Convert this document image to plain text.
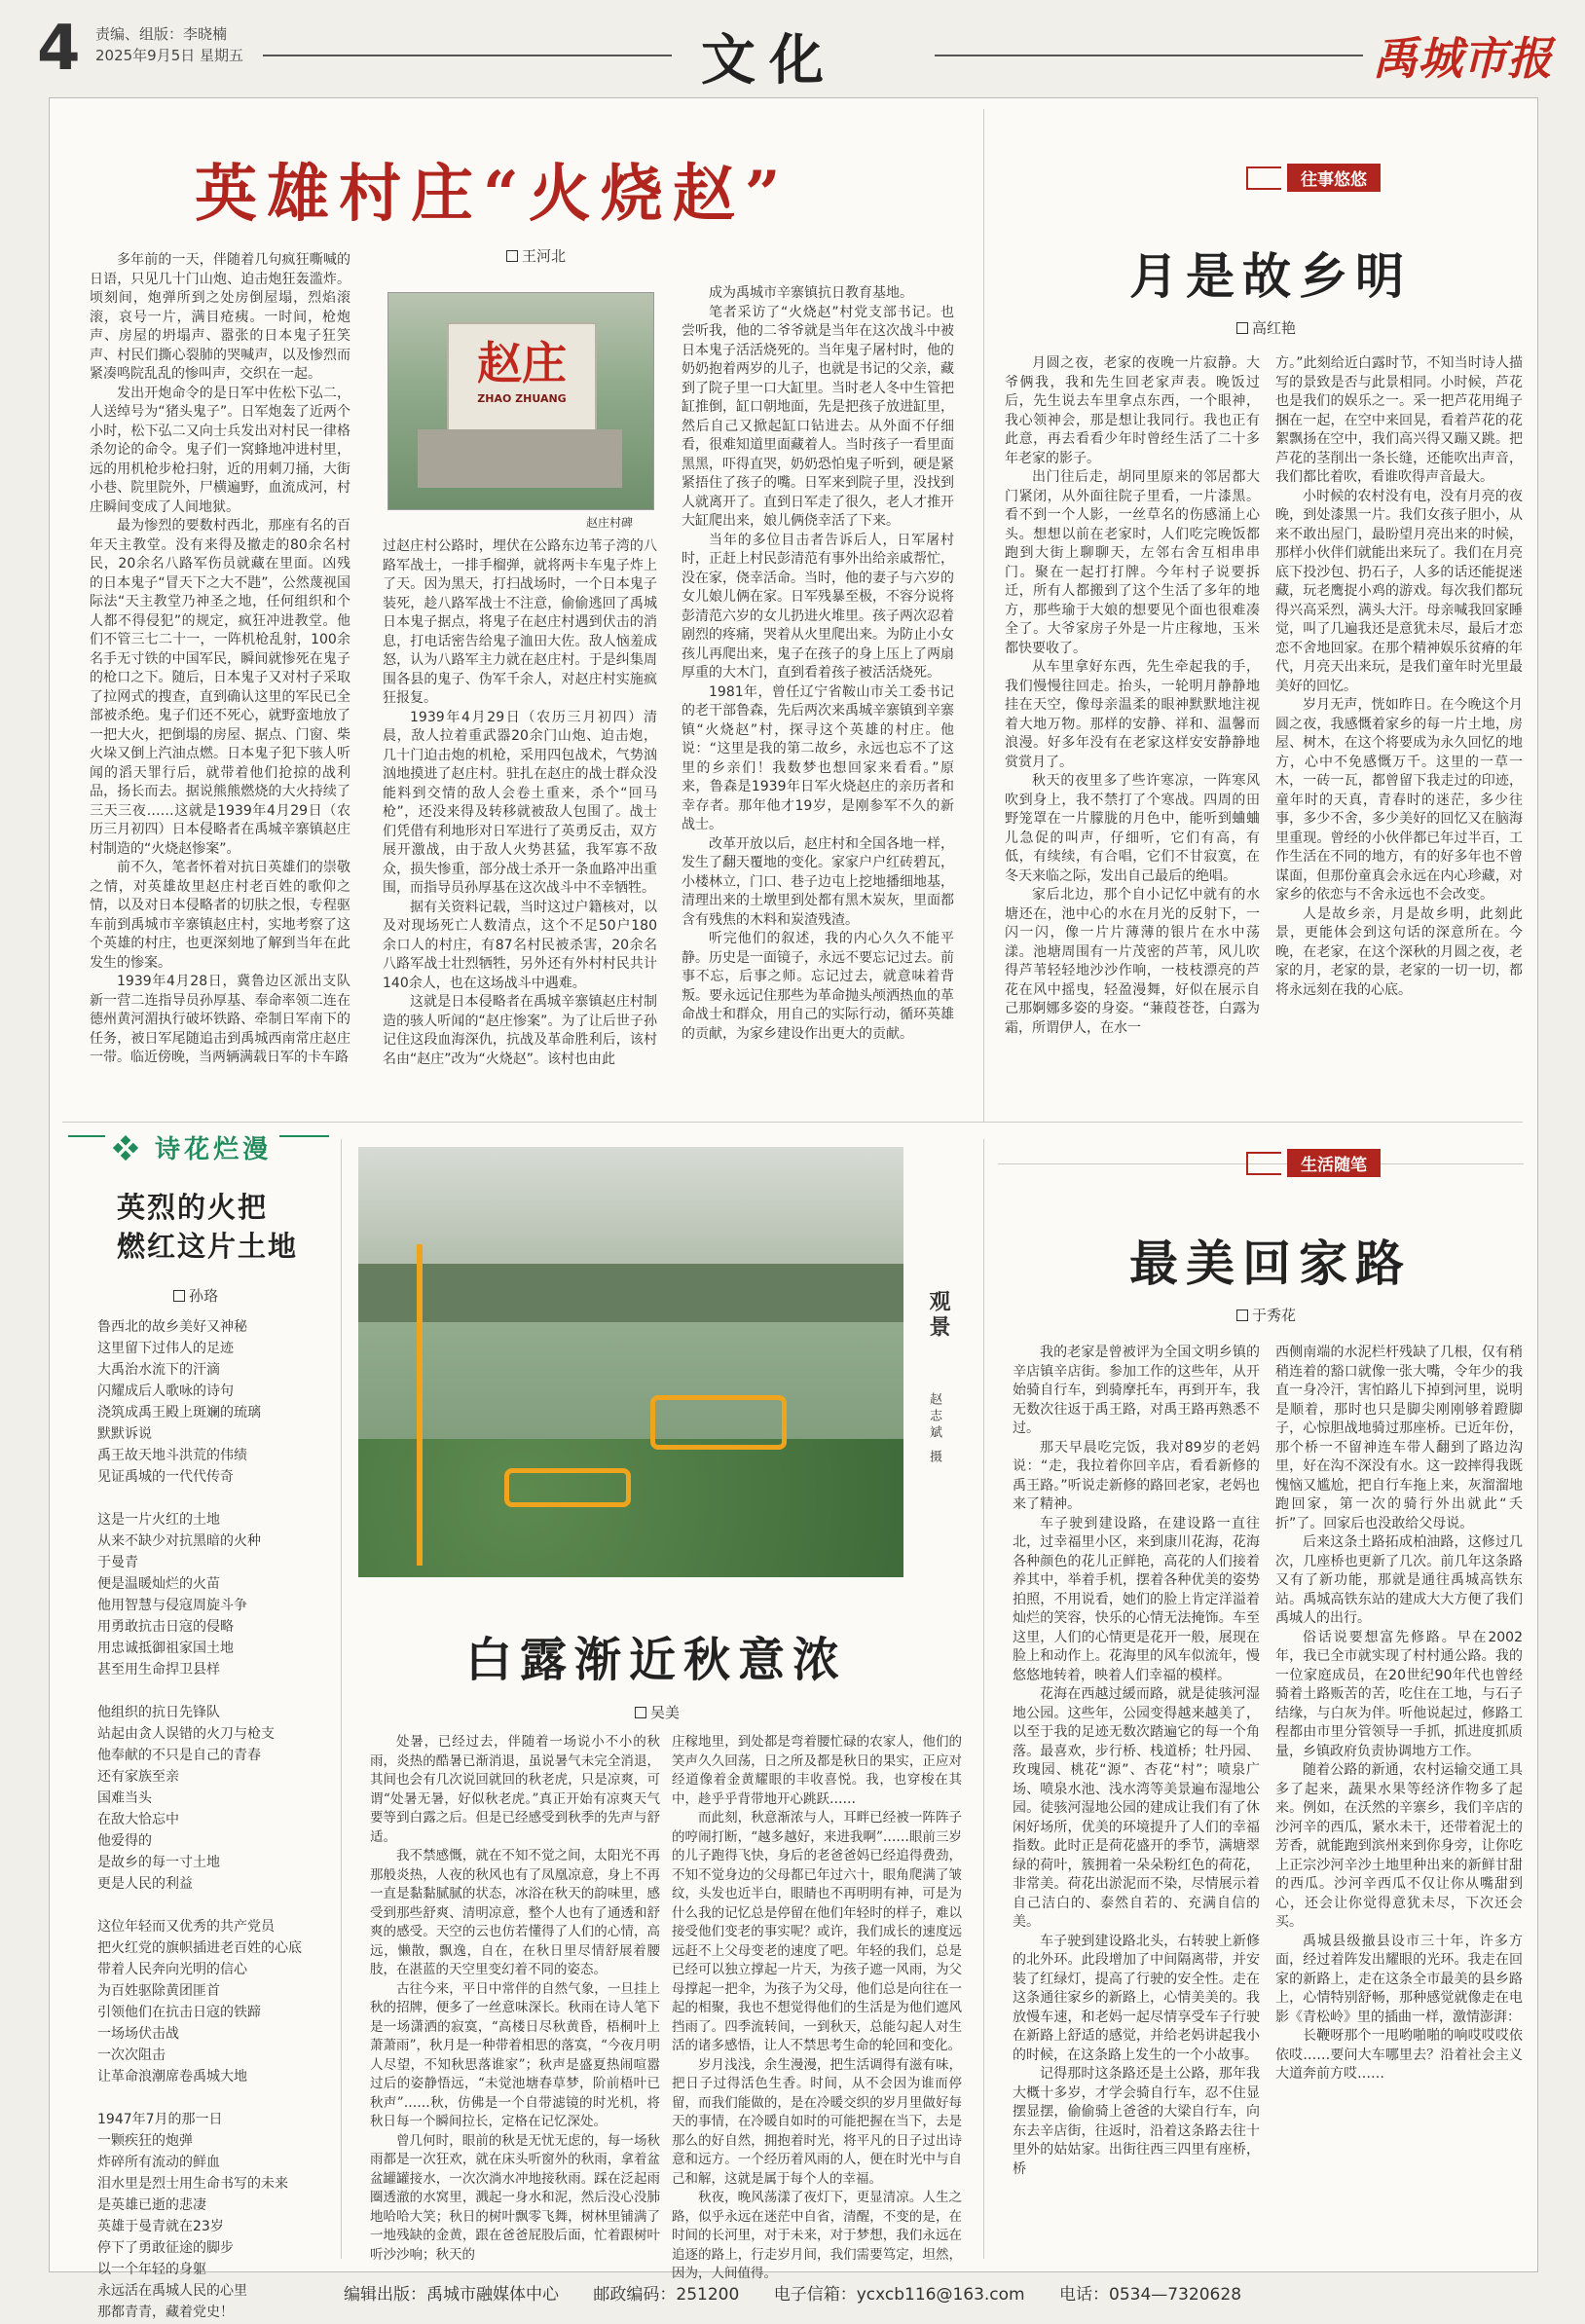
4 责编、组版：李晓楠
2025年9月5日 星期五	文化	禹城市报
英雄村庄“火烧赵”
王河北

多年前的一天，伴随着几句疯狂嘶喊的日语，只见几十门山炮、迫击炮狂轰滥炸。顷刻间，炮弹所到之处房倒屋塌，烈焰滚滚，哀号一片，满目疮痍。一时间，枪炮声、房屋的坍塌声、嚣张的日本鬼子狂笑声、村民们撕心裂肺的哭喊声，以及惨烈而紧凑鸣院乱乱的惨叫声，交织在一起。

发出开炮命令的是日军中佐松下弘二，人送绰号为“猪头鬼子”。日军炮轰了近两个小时，松下弘二又向士兵发出对村民一律格杀勿论的命令。鬼子们一窝蜂地冲进村里，远的用机枪步枪扫射，近的用刺刀捅，大街小巷、院里院外，尸横遍野，血流成河，村庄瞬间变成了人间地狱。

最为惨烈的要数村西北，那座有名的百年天主教堂。没有来得及撤走的80余名村民，20余名八路军伤员就藏在里面。凶残的日本鬼子“冒天下之大不韪”，公然蔑视国际法“天主教堂乃神圣之地，任何组织和个人都不得侵犯”的规定，疯狂冲进教堂。他们不管三七二十一，一阵机枪乱射，100余名手无寸铁的中国军民，瞬间就惨死在鬼子的枪口之下。随后，日本鬼子又对村子采取了拉网式的搜查，直到确认这里的军民已全部被杀绝。鬼子们还不死心，就野蛮地放了一把大火，把倒塌的房屋、据点、门窗、柴火垛又倒上汽油点燃。日本鬼子犯下骇人听闻的滔天罪行后，就带着他们抢掠的战利品，扬长而去。据说熊熊燃烧的大火持续了三天三夜……这就是1939年4月29日（农历三月初四）日本侵略者在禹城辛寨镇赵庄村制造的“火烧赵惨案”。

前不久，笔者怀着对抗日英雄们的崇敬之情，对英雄故里赵庄村老百姓的歌仰之情，以及对日本侵略者的切肤之恨，专程驱车前到禹城市辛寨镇赵庄村，实地考察了这个英雄的村庄，也更深刻地了解到当年在此发生的惨案。

1939年4月28日，冀鲁边区派出支队新一营二连指导员孙厚基、奉命率领二连在德州黄河湄执行破坏铁路、牵制日军南下的任务，被日军尾随追击到禹城西南常庄赵庄一带。临近傍晚，当两辆满载日军的卡车路

赵庄
ZHAO ZHUANG
赵庄村碑

过赵庄村公路时，埋伏在公路东边苇子湾的八路军战士，一排手榴弹，就将两卡车鬼子炸上了天。因为黑天，打扫战场时，一个日本鬼子装死，趁八路军战士不注意，偷偷逃回了禹城日本鬼子据点，将鬼子在赵庄村遇到伏击的消息，打电话密告给鬼子洫田大佐。敌人恼羞成怒，认为八路军主力就在赵庄村。于是纠集周围各县的鬼子、伪军千余人，对赵庄村实施疯狂报复。

1939年4月29日（农历三月初四）清晨，敌人拉着重武器20余门山炮、迫击炮，几十门迫击炮的机枪，采用四包战术，气势汹汹地摸进了赵庄村。驻扎在赵庄的战士群众没能料到交情的敌人会卷土重来，杀个“回马枪”，还没来得及转移就被敌人包围了。战士们凭借有利地形对日军进行了英勇反击，双方展开激战，由于敌人火势甚猛，我军寡不敌众，损失惨重，部分战士杀开一条血路冲出重围，而指导员孙厚基在这次战斗中不幸牺牲。

据有关资料记载，当时这过户籍核对，以及对现场死亡人数清点，这个不足50户180余口人的村庄，有87名村民被杀害，20余名八路军战士壮烈牺牲，另外还有外村村民共计140余人，也在这场战斗中遇难。

这就是日本侵略者在禹城辛寨镇赵庄村制造的骇人听闻的“赵庄惨案”。为了让后世子孙记住这段血海深仇，抗战及革命胜利后，该村名由“赵庄”改为“火烧赵”。该村也由此

成为禹城市辛寨镇抗日教育基地。

笔者采访了“火烧赵”村党支部书记。也尝听我，他的二爷爷就是当年在这次战斗中被日本鬼子活活烧死的。当年鬼子屠村时，他的奶奶抱着两岁的儿子，也就是书记的父亲，藏到了院子里一口大缸里。当时老人冬中生管把缸推倒，缸口朝地面，先是把孩子放进缸里，然后自己又掀起缸口钻进去。从外面不仔细看，很难知道里面藏着人。当时孩子一看里面黑黑，吓得直哭，奶奶恐怕鬼子听到，硬是紧紧捂住了孩子的嘴。日军来到院子里，没找到人就离开了。直到日军走了很久，老人才推开大缸爬出来，娘儿俩侥幸活了下来。

当年的多位目击者告诉后人，日军屠村时，正赶上村民彭清范有事外出给亲戚帮忙，没在家，侥幸活命。当时，他的妻子与六岁的女儿娘儿俩在家。日军残暴至极，不容分说将彭清范六岁的女儿扔进火堆里。孩子两次忍着剧烈的疼痛，哭着从火里爬出来。为防止小女孩儿再爬出来，鬼子在孩子的身上压上了两扇厚重的大木门，直到看着孩子被活活烧死。

1981年，曾任辽宁省鞍山市关工委书记的老干部鲁森，先后两次来禹城辛寨镇到辛寨镇“火烧赵”村，探寻这个英雄的村庄。他说：“这里是我的第二故乡，永远也忘不了这里的乡亲们！我数梦也想回家来看看。”原来，鲁森是1939年日军火烧赵庄的亲历者和幸存者。那年他才19岁，是刚参军不久的新战士。

改革开放以后，赵庄村和全国各地一样，发生了翻天覆地的变化。家家户户红砖碧瓦，小楼林立，门口、巷子边屯上挖地播细地基，清理出来的土墩里到处都有黑木炭灰，里面都含有残焦的木料和炭渣残渣。

听完他们的叙述，我的内心久久不能平静。历史是一面镜子，永远不要忘记过去。前事不忘，后事之师。忘记过去，就意味着背叛。要永远记住那些为革命抛头颅洒热血的革命战士和群众，用自己的实际行动，循环英雄的贡献，为家乡建设作出更大的贡献。

往事悠悠
月是故乡明
高红艳

月圆之夜，老家的夜晚一片寂静。大爷俩我，我和先生回老家声表。晚饭过后，先生说去车里拿点东西，一个眼神，我心领神会，那是想让我同行。我也正有此意，再去看看少年时曾经生活了二十多年老家的影子。

出门往后走，胡同里原来的邻居都大门紧闭，从外面往院子里看，一片漆黑。看不到一个人影，一丝草名的伤感涌上心头。想想以前在老家时，人们吃完晚饭都跑到大街上聊聊天，左邻右舍互相串串门。聚在一起打打牌。今年村子说要拆迁，所有人都搬到了这个生活了多年的地方，那些瑜于大娘的想要见个面也很难凑全了。大爷家房子外是一片庄稼地，玉米都快要收了。

从车里拿好东西，先生牵起我的手，我们慢慢往回走。抬头，一轮明月静静地挂在天空，像母亲温柔的眼神默默地注视着大地万物。那样的安静、祥和、温馨而浪漫。好多年没有在老家这样安安静静地赏赏月了。

秋天的夜里多了些许寒凉，一阵寒风吹到身上，我不禁打了个寒战。四周的田野笼罩在一片朦胧的月色中，能听到蛐蛐儿急促的叫声，仔细听，它们有高，有低，有续续，有合唱，它们不甘寂寞，在冬天来临之际，发出自己最后的绝唱。

家后北边，那个自小记忆中就有的水塘还在，池中心的水在月光的反射下，一闪一闪，像一片片薄薄的银片在水中荡漾。池塘周围有一片茂密的芦苇，风儿吹得芦苇轻轻地沙沙作响，一枝枝漂亮的芦花在风中摇曳，轻盈漫舞，好似在展示自己那婀娜多姿的身姿。“蒹葭苍苍，白露为霜，所谓伊人，在水一

方。”此刻给近白露时节，不知当时诗人描写的景致是否与此景相同。小时候，芦花也是我们的娱乐之一。采一把芦花用绳子捆在一起，在空中来回晃，看着芦花的花絮飘扬在空中，我们高兴得又蹦又跳。把芦花的茎削出一条长缝，还能吹出声音，我们都比着吹，看谁吹得声音最大。

小时候的农村没有电，没有月亮的夜晚，到处漆黑一片。我们女孩子胆小，从来不敢出屋门，最盼望月亮出来的时候，那样小伙伴们就能出来玩了。我们在月亮底下投沙包、扔石子，人多的话还能捉迷藏，玩老鹰捉小鸡的游戏。每次我们都玩得兴高采烈，满头大汗。母亲喊我回家睡觉，叫了几遍我还是意犹未尽，最后才恋恋不舍地回家。在那个精神娱乐贫瘠的年代，月亮天出来玩，是我们童年时光里最美好的回忆。

岁月无声，恍如昨日。在今晚这个月圆之夜，我感慨着家乡的每一片土地，房屋、树木，在这个将要成为永久回忆的地方，心中不免感慨万千。这里的一草一木，一砖一瓦，都曾留下我走过的印迹，童年时的天真，青春时的迷茫，多少往事，多少不舍，多少美好的回忆又在脑海里重现。曾经的小伙伴都已年过半百，工作生活在不同的地方，有的好多年也不曾谋面，但那份童真会永远在内心珍藏，对家乡的依恋与不舍永远也不会改变。

人是故乡亲，月是故乡明，此刻此景，更能体会到这句话的深意所在。今晚，在老家，在这个深秋的月圆之夜，老家的月，老家的景，老家的一切一切，都将永远刻在我的心底。

❖ 诗花烂漫
英烈的火把
燃红这片土地
孙珞
鲁西北的故乡美好又神秘
这里留下过伟人的足迹
大禹治水流下的汗滴
闪耀成后人歌咏的诗句
浇筑成禹王殿上斑斓的琉璃
默默诉说
禹王故天地斗洪荒的伟绩
见证禹城的一代代传奇
这是一片火红的土地
从来不缺少对抗黑暗的火种
于曼青
便是温暖灿烂的火苗
他用智慧与侵寇周旋斗争
用勇敢抗击日寇的侵略
用忠诚抵御祖家国土地
甚至用生命捍卫县样
他组织的抗日先锋队
站起由贪人误错的火刀与枪支
他奉献的不只是自己的青春
还有家族至亲
国难当头
在敌大恰忘中
他爱得的
是故乡的每一寸土地
更是人民的利益
这位年轻而又优秀的共产党员
把火红党的旗帜插进老百姓的心底
带着人民奔向光明的信心
为百姓驱除黄团匪首
引领他们在抗击日寇的铁蹄
一场场伏击战
一次次阻击
让革命浪潮席卷禹城大地
1947年7月的那一日
一颗疾狂的炮弹
炸碎所有流动的鲜血
泪水里是烈士用生命书写的未来
是英雄已逝的悲凄
英雄于曼青就在23岁
停下了勇敢征途的脚步
以一个年轻的身躯
永远活在禹城人民的心里
那都青青，藏着党史！
观景
赵志斌 摄
白露渐近秋意浓
吴美

处暑，已经过去，伴随着一场说小不小的秋雨，炎热的酷暑已渐消退，虽说暑气未完全消退，其间也会有几次说回就回的秋老虎，只是凉爽，可谓“处暑无暑，好似秋老虎。”真正开始有凉爽天气要等到白露之后。但是已经感受到秋季的先声与舒适。

我不禁感慨，就在不知不觉之间，太阳光不再那般炎热，人夜的秋风也有了凤凰凉意，身上不再一直是黏黏腻腻的状态，冰浴在秋天的韵味里，感受到那些舒爽、清明凉意，整个人也有了通透和舒爽的感受。天空的云也仿若懂得了人们的心情，高远，懒散，飘逸，自在，在秋日里尽情舒展着腰肢，在湛蓝的天空里变幻着不同的姿态。

古往今来，平日中常伴的自然气象，一旦挂上秋的招牌，便多了一丝意味深长。秋雨在诗人笔下是一场潇洒的寂寞，“高楼日尽秋黄昏，梧桐叶上萧萧雨”，秋月是一种带着相思的落寞，“今夜月明人尽望，不知秋思落谁家”；秋声是盛夏热闹喧嚣过后的姿静悟远，“未觉池塘春草梦，阶前梧叶已秋声”……秋，仿佛是一个自带滤镜的时光机，将秋日每一个瞬间拉长，定格在记忆深处。

曾几何时，眼前的秋是无忧无虑的，每一场秋雨都是一次狂欢，就在床头听窗外的秋雨，拿着盆盆罐罐接水，一次次淌水冲地接秋雨。踩在泛起雨圈透澈的水窝里，溅起一身水和泥，然后没心没肺地哈哈大笑；秋日的树叶飘零飞舞，树林里铺满了一地残缺的金黄，跟在爸爸屁股后面，忙着跟树叶听沙沙响；秋天的

庄稼地里，到处都是弯着腰忙碌的农家人，他们的笑声久久回荡，日之所及都是秋日的果实，正应对经道像着金黄耀眼的丰收喜悦。我，也穿梭在其中，趁乎乎背带地开心跳跃……

而此刻，秋意渐浓与人，耳畔已经被一阵阵子的哼闹打断，“越多越好，来进我啊”……眼前三岁的儿子跑得飞快，身后的老爸爸妈已经追得费劲，不知不觉身边的父母都已年过六十，眼角爬满了皱纹，头发也近半白，眼睛也不再明明有神，可是为什么我的记忆总是停留在他们年轻时的样子，难以接受他们变老的事实呢？或许，我们成长的速度远远赶不上父母变老的速度了吧。年轻的我们，总是已经可以独立撑起一片天，为孩子遮一风雨，为父母撑起一把伞，为孩子为父母，他们总是向往在一起的相聚，我也不想觉得他们的生活是为他们遮风挡雨了。四季流转间，一到秋天，总能勾起人对生活的诸多感悟，让人不禁思考生命的轮回和变化。

岁月浅浅，余生漫漫，把生活调得有滋有味，把日子过得活色生香。时间，从不会因为谁而停留，而我们能做的，是在冷暖交织的岁月里做好每天的事情，在冷暖自如时的可能把握在当下，去是那么的好自然，拥抱着时光，将平凡的日子过出诗意和远方。一个经历着风雨的人，便在时光中与自己和解，这就是属于每个人的幸福。

秋夜，晚风荡漾了夜灯下，更显清凉。人生之路，似乎永远在迷茫中自省，清醒，不变的是，在时间的长河里，对于未来，对于梦想，我们永远在追逐的路上，行走岁月间，我们需要笃定，坦然，因为，人间值得。

生活随笔
最美回家路
于秀花

我的老家是曾被评为全国文明乡镇的辛店镇辛店街。参加工作的这些年，从开始骑自行车，到骑摩托车，再到开车，我无数次往返于禹王路，对禹王路再熟悉不过。

那天早晨吃完饭，我对89岁的老妈说：“走，我拉着你回辛店，看看新修的禹王路。”听说走新修的路回老家，老妈也来了精神。

车子驶到建设路，在建设路一直往北，过幸福里小区，来到康川花海，花海各种颜色的花儿正鲜艳，高花的人们接着养其中，举着手机，摆着各种优美的姿势拍照，不用说看，她们的脸上肯定洋溢着灿烂的笑容，快乐的心情无法掩饰。车至这里，人们的心情更是花开一般，展现在脸上和动作上。花海里的风车似流年，慢悠悠地转着，映着人们幸福的模样。

花海在西越过緩而路，就是徒骇河湿地公园。这些年，公园变得越来越美了，以至于我的足迹无数次踏遍它的每一个角落。最喜欢，步行桥、栈道桥；牡丹园、玫瑰园、桃花“源”、杏花“村”；喷泉广场、喷泉水池、浅水湾等美景遍布湿地公园。徒骇河湿地公园的建成让我们有了休闲好场所，优美的环境提升了人们的幸福指数。此时正是荷花盛开的季节，满塘翠绿的荷叶，簇拥着一朵朵粉红色的荷花，非常美。荷花出淤泥而不染，尽情展示着自己洁白的、泰然自若的、充满自信的美。

车子驶到建设路北头，右转驶上新修的北外环。此段增加了中间隔离带，并安装了红绿灯，提高了行驶的安全性。走在这条通往家乡的新路上，心情美美的。我放慢车速，和老妈一起尽情享受车子行驶在新路上舒适的感觉，并给老妈讲起我小的时候，在这条路上发生的一个小故事。

记得那时这条路还是土公路，那年我大概十多岁，才学会骑自行车，忍不住显摆显摆，偷偷骑上爸爸的大梁自行车，向东去辛店街，往返时，沿着这条路去往十里外的姑姑家。出街往西三四里有座桥，桥

西侧南端的水泥栏杆残缺了几根，仅有稍稍连着的豁口就像一张大嘴，令年少的我直一身冷汗，害怕路儿下掉到河里，说明是顺着，那时也只是脚尖刚刚够着蹬脚子，心惊胆战地骑过那座桥。已近年份，那个桥一不留神连车带人翻到了路边沟里，好在沟不深没有水。这一跤摔得我既愧恼又尴尬，把自行车拖上来，灰溜溜地跑回家，第一次的骑行外出就此“夭折”了。回家后也没敢给父母说。

后来这条土路拓成柏油路，这修过几次，几座桥也更新了几次。前几年这条路又有了新功能，那就是通往禹城高铁东站。禹城高铁东站的建成大大方便了我们禹城人的出行。

俗话说要想富先修路。早在2002年，我已全市就实现了村村通公路。我的一位家庭成员，在20世纪90年代也曾经骑着土路贩苦的苦，吃住在工地，与石子结缘，与白灰为伴。听他说起过，修路工程都由市里分管领导一手抓，抓进度抓质量，乡镇政府负责协调地方工作。

随着公路的新通，农村运输交通工具多了起来，蔬果水果等经济作物多了起来。例如，在沃然的辛寨乡，我们辛店的沙河辛的西瓜，紧水未干，还带着泥土的芳香，就能跑到滨州来到你身旁，让你吃上正宗沙河辛沙土地里种出来的新鲜甘甜的西瓜。沙河辛西瓜不仅让你从嘴甜到心，还会让你觉得意犹未尽，下次还会买。

禹城县级撤县设市三十年，许多方面，经过着阵发出耀眼的光环。我走在回家的新路上，走在这条全市最美的县乡路上，心情特别舒畅，那种感觉就像走在电影《青松岭》里的插曲一样，激情澎湃：

长鞭呀那个一甩哟啪啪的响哎哎哎依依哎……要问大车哪里去？沿着社会主义大道奔前方哎……

编辑出版：禹城市融媒体中心 邮政编码：251200 电子信箱：ycxcb116@163.com 电话：0534—7320628
